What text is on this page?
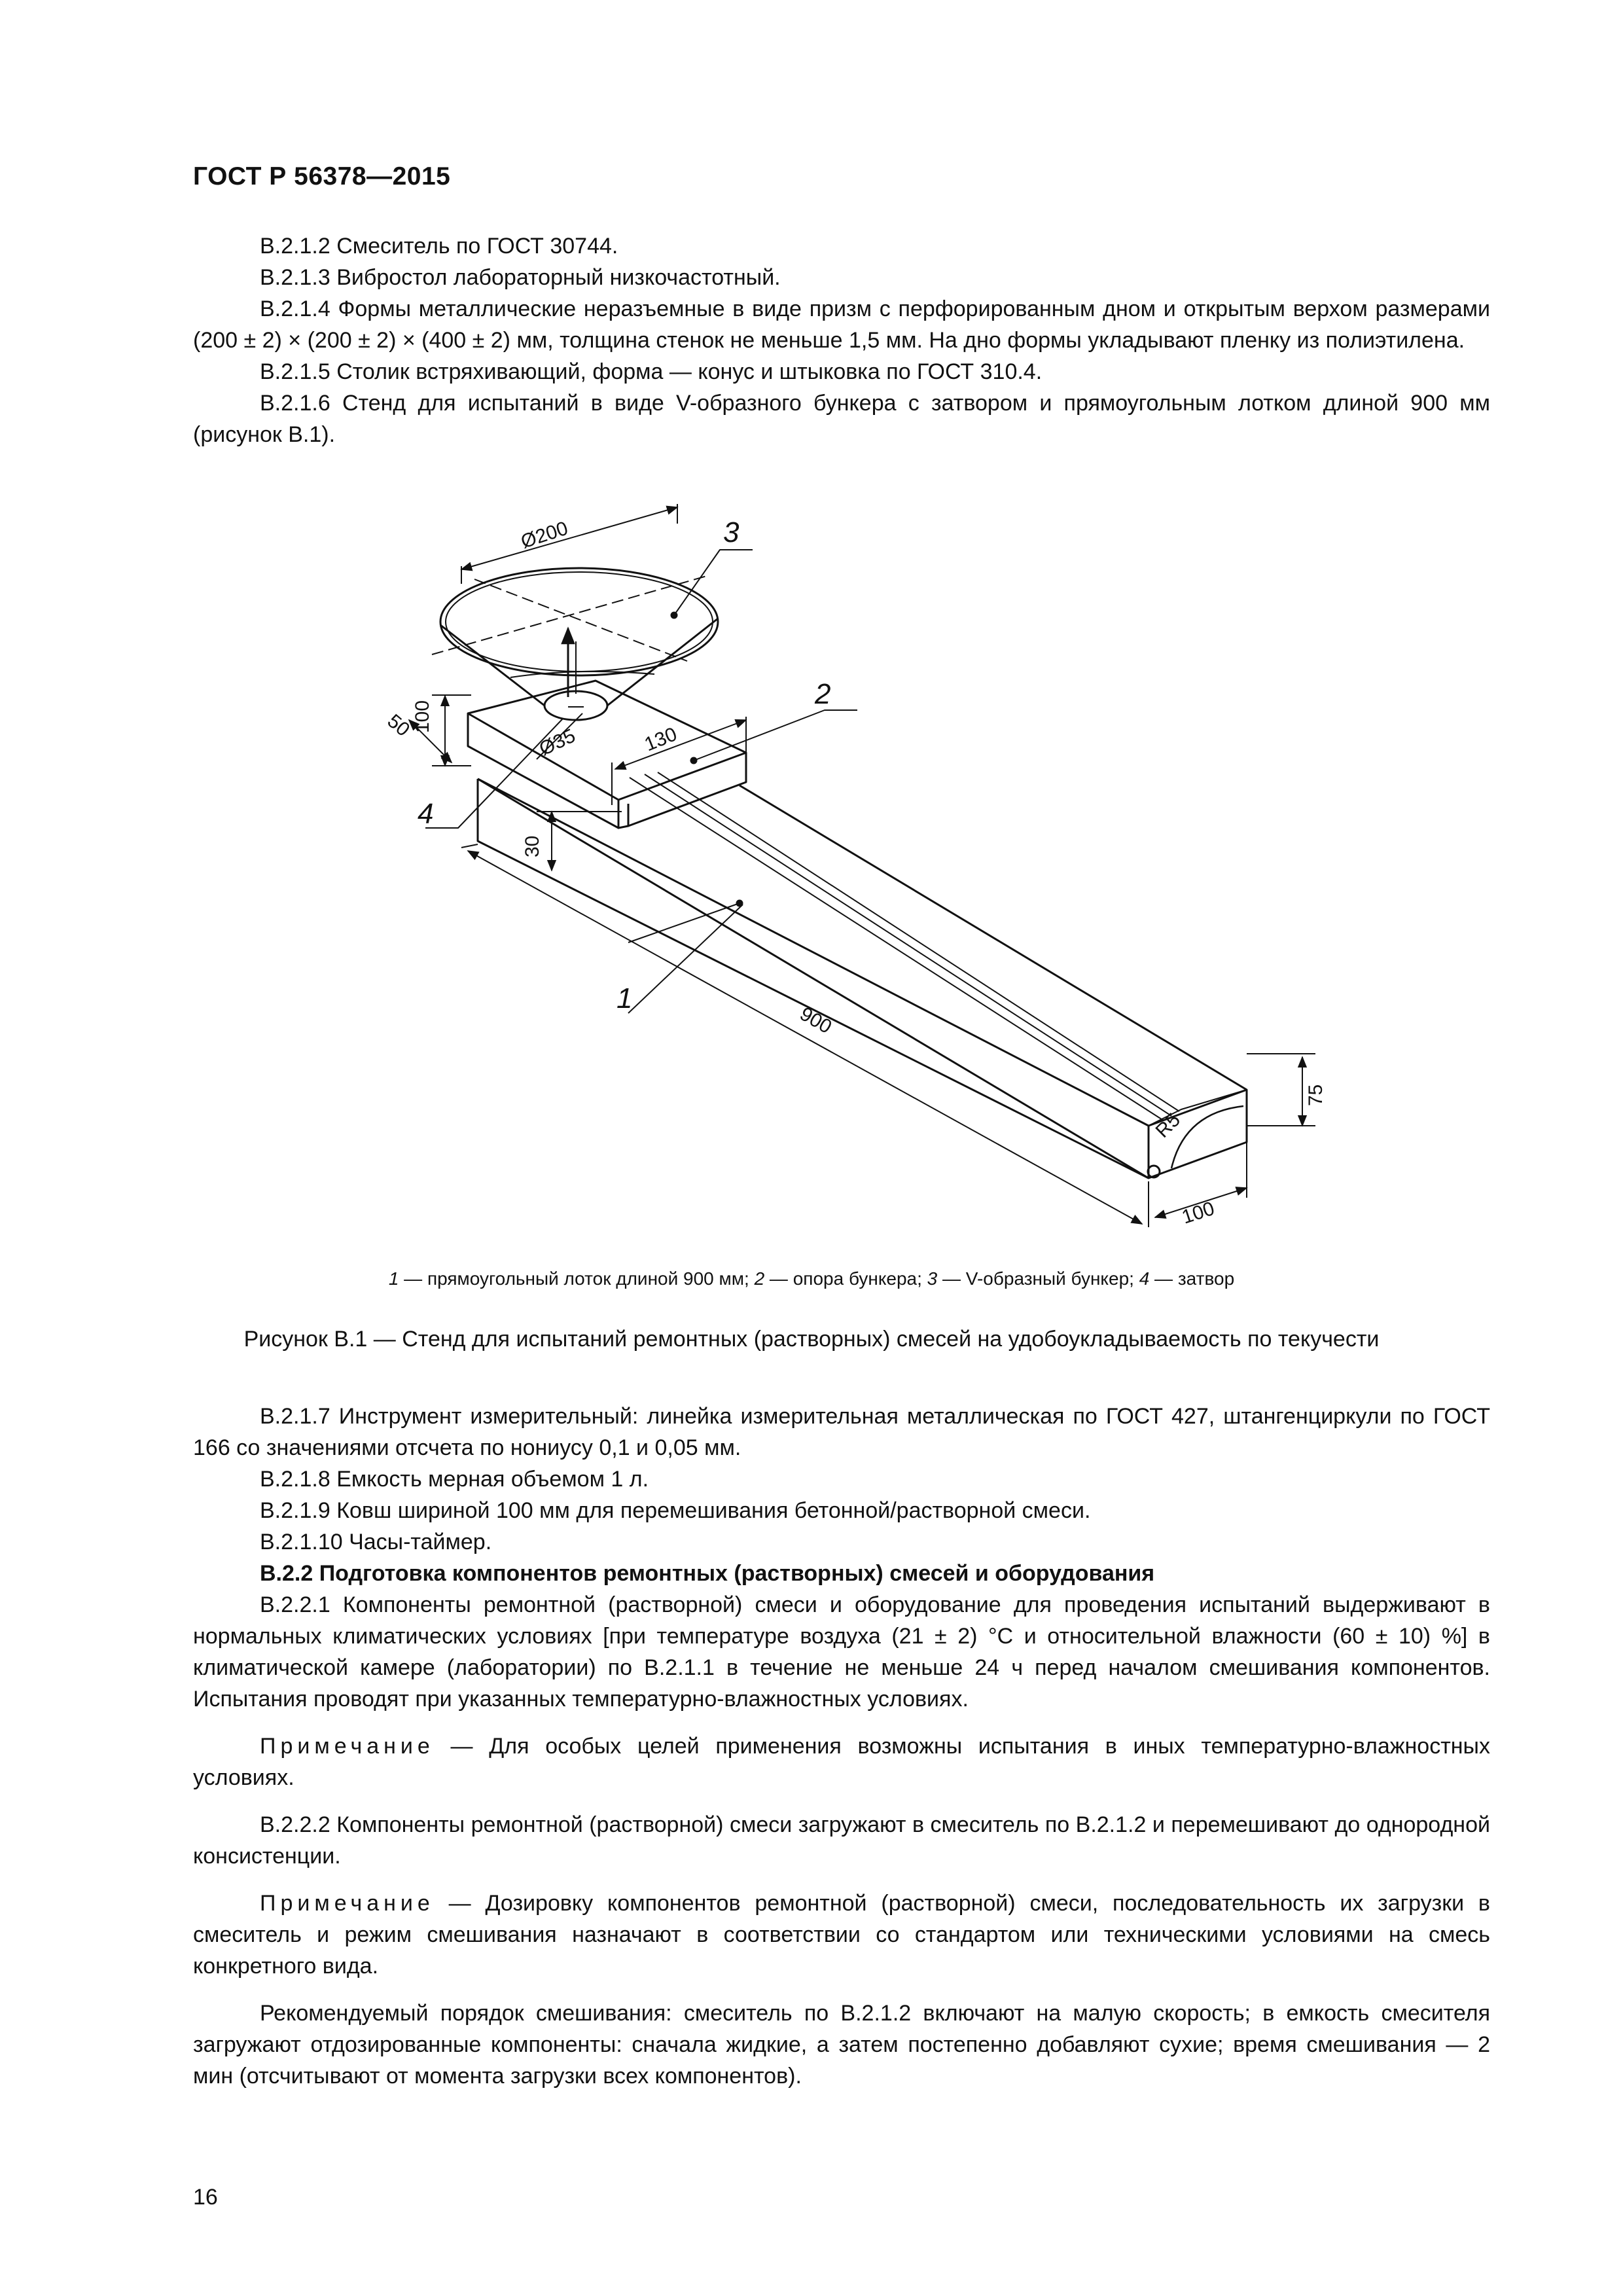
ГОСТ Р 56378—2015

В.2.1.2 Смеситель по ГОСТ 30744.

В.2.1.3 Вибростол лабораторный низкочастотный.

В.2.1.4 Формы металлические неразъемные в виде призм с перфорированным дном и открытым верхом размерами (200 ± 2) × (200 ± 2) × (400 ± 2) мм, толщина стенок не меньше 1,5 мм. На дно формы укладывают пленку из полиэтилена.

В.2.1.5 Столик встряхивающий, форма — конус и штыковка по ГОСТ 310.4.

В.2.1.6 Стенд для испытаний в виде V-образного бункера с затвором и прямоугольным лотком длиной 900 мм (рисунок В.1).

Ø200
100
50	Ø35	130
30
900
75
R5
100
1
2
3
4
1 — прямоугольный лоток длиной 900 мм; 2 — опора бункера; 3 — V-образный бункер; 4 — затвор
Рисунок В.1 — Стенд для испытаний ремонтных (растворных) смесей на удобоукладываемость по текучести

В.2.1.7 Инструмент измерительный: линейка измерительная металлическая по ГОСТ 427, штангенциркули по ГОСТ 166 со значениями отсчета по нониусу 0,1 и 0,05 мм.

В.2.1.8 Емкость мерная объемом 1 л.

В.2.1.9 Ковш шириной 100 мм для перемешивания бетонной/растворной смеси.

В.2.1.10 Часы-таймер.

В.2.2 Подготовка компонентов ремонтных (растворных) смесей и оборудования

В.2.2.1 Компоненты ремонтной (растворной) смеси и оборудование для проведения испытаний выдерживают в нормальных климатических условиях [при температуре воздуха (21 ± 2) °С и относительной влажности (60 ± 10) %] в климатической камере (лаборатории) по В.2.1.1 в течение не меньше 24 ч перед началом смешивания компонентов. Испытания проводят при указанных температурно-влажностных условиях.

Примечание — Для особых целей применения возможны испытания в иных температурно-влажностных условиях.

В.2.2.2 Компоненты ремонтной (растворной) смеси загружают в смеситель по В.2.1.2 и перемешивают до однородной консистенции.

Примечание — Дозировку компонентов ремонтной (растворной) смеси, последовательность их загрузки в смеситель и режим смешивания назначают в соответствии со стандартом или техническими условиями на смесь конкретного вида.

Рекомендуемый порядок смешивания: смеситель по В.2.1.2 включают на малую скорость; в емкость смесителя загружают отдозированные компоненты: сначала жидкие, а затем постепенно добавляют сухие; время смешивания — 2 мин (отсчитывают от момента загрузки всех компонентов).

16
